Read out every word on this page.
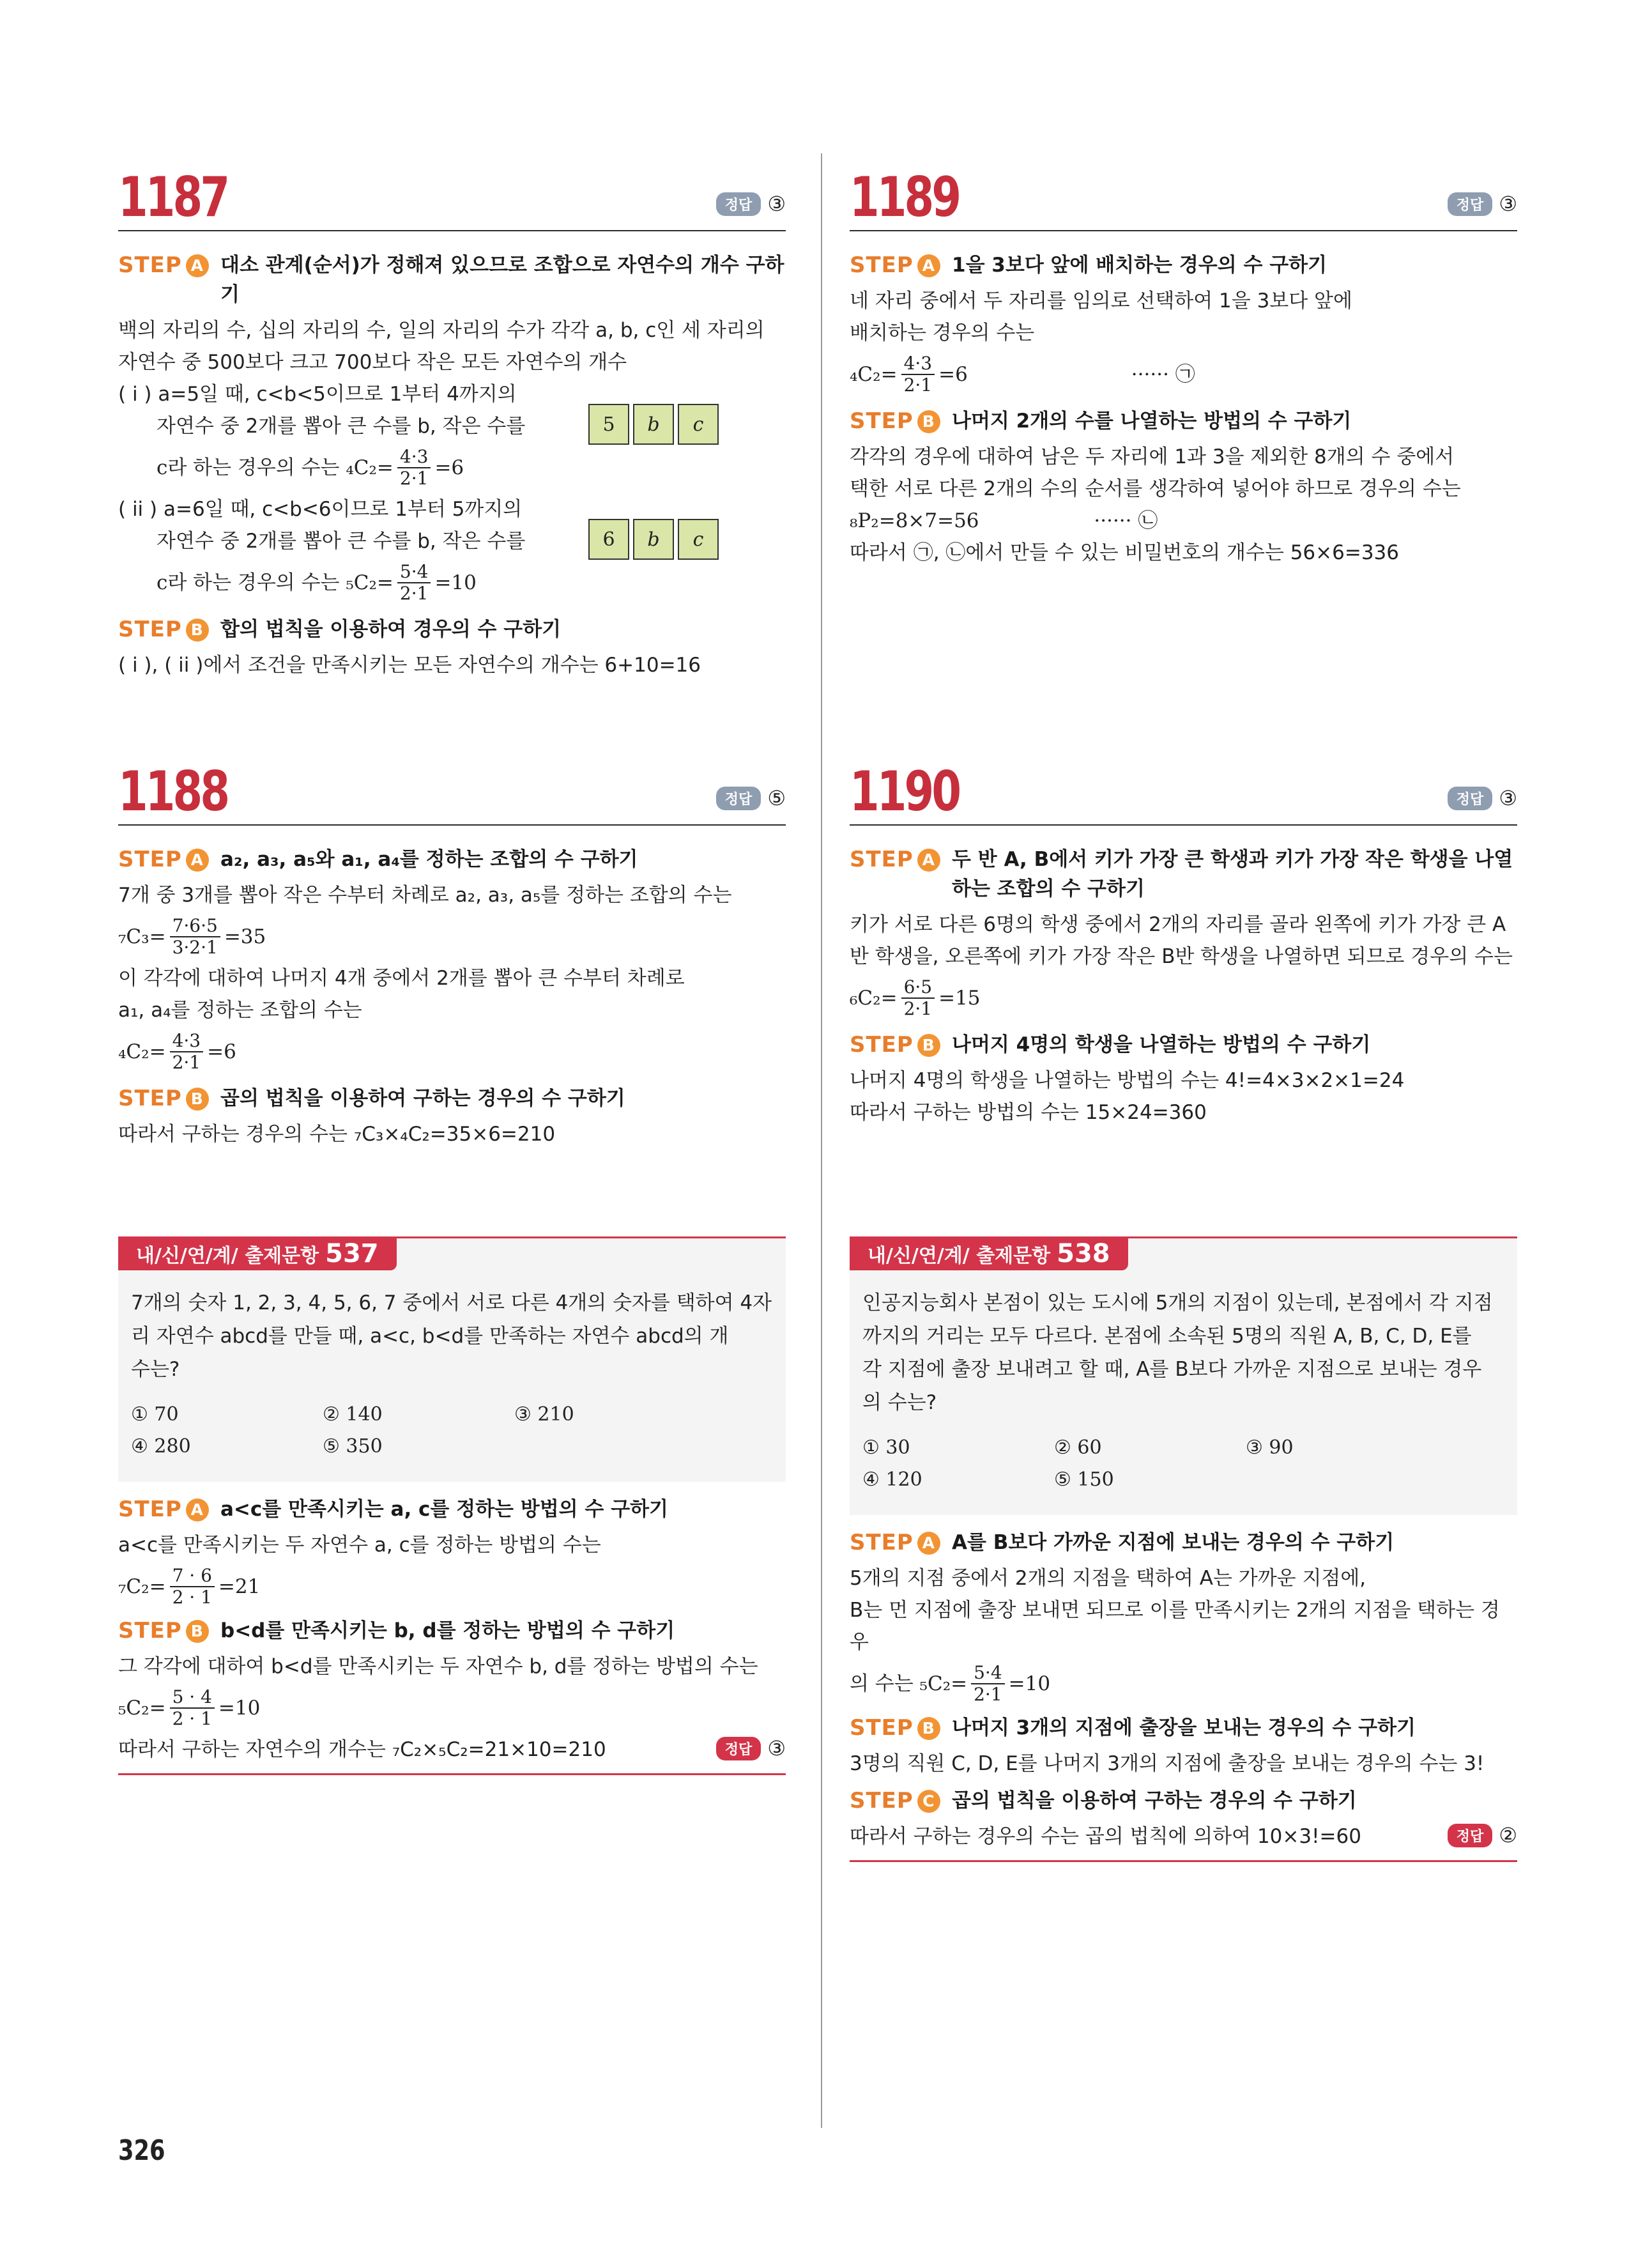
1187	정답 ③
STEP A 대소 관계(순서)가 정해져 있으므로 조합으로 자연수의 개수 구하기
백의 자리의 수, 십의 자리의 수, 일의 자리의 수가 각각 a, b, c인 세 자리의
자연수 중 500보다 크고 700보다 작은 모든 자연수의 개수
( i ) a=5일 때, c<b<5이므로 1부터 4까지의
자연수 중 2개를 뽑아 큰 수를 b, 작은 수를	5	b	c
c라 하는 경우의 수는 $_4C_2= \frac{4\cdot 3}{2\cdot 1} =6$
( ii ) a=6일 때, c<b<6이므로 1부터 5까지의
자연수 중 2개를 뽑아 큰 수를 b, 작은 수를	6	b	c
c라 하는 경우의 수는 $_5C_2= \frac{5\cdot 4}{2\cdot 1} =10$
STEP B 합의 법칙을 이용하여 경우의 수 구하기
( i ), ( ii )에서 조건을 만족시키는 모든 자연수의 개수는 6+10=16
1188	정답 ⑤
STEP A a₂, a₃, a₅와 a₁, a₄를 정하는 조합의 수 구하기
7개 중 3개를 뽑아 작은 수부터 차례로 a₂, a₃, a₅를 정하는 조합의 수는
$_7C_3= \frac{7\cdot 6\cdot 5}{3\cdot 2\cdot 1} =35$
이 각각에 대하여 나머지 4개 중에서 2개를 뽑아 큰 수부터 차례로
a₁, a₄를 정하는 조합의 수는
$_4C_2= \frac{4\cdot 3}{2\cdot 1} =6$
STEP B 곱의 법칙을 이용하여 구하는 경우의 수 구하기
따라서 구하는 경우의 수는 ₇C₃×₄C₂=35×6=210
내/신/연/계/ 출제문항 537
7개의 숫자 1, 2, 3, 4, 5, 6, 7 중에서 서로 다른 4개의 숫자를 택하여 4자
리 자연수 abcd를 만들 때, a<c, b<d를 만족하는 자연수 abcd의 개
수는?
① 70	② 140	③ 210
④ 280	⑤ 350
STEP A a<c를 만족시키는 a, c를 정하는 방법의 수 구하기
a<c를 만족시키는 두 자연수 a, c를 정하는 방법의 수는
$_7C_2= \frac{7 \cdot 6}{2 \cdot 1} =21$
STEP B b<d를 만족시키는 b, d를 정하는 방법의 수 구하기
그 각각에 대하여 b<d를 만족시키는 두 자연수 b, d를 정하는 방법의 수는
$_5C_2= \frac{5 \cdot 4}{2 \cdot 1} =10$
따라서 구하는 자연수의 개수는 ₇C₂×₅C₂=21×10=210	정답 ③
1189	정답 ③
STEP A 1을 3보다 앞에 배치하는 경우의 수 구하기
네 자리 중에서 두 자리를 임의로 선택하여 1을 3보다 앞에
배치하는 경우의 수는
$_4C_2= \frac{4\cdot 3}{2\cdot 1} =6$	······ ㉠
STEP B 나머지 2개의 수를 나열하는 방법의 수 구하기
각각의 경우에 대하여 남은 두 자리에 1과 3을 제외한 8개의 수 중에서
택한 서로 다른 2개의 수의 순서를 생각하여 넣어야 하므로 경우의 수는
₈P₂=8×7=56	······ ㉡
따라서 ㉠, ㉡에서 만들 수 있는 비밀번호의 개수는 56×6=336
1190	정답 ③
STEP A 두 반 A, B에서 키가 가장 큰 학생과 키가 가장 작은 학생을 나열하는 조합의 수 구하기
키가 서로 다른 6명의 학생 중에서 2개의 자리를 골라 왼쪽에 키가 가장 큰 A
반 학생을, 오른쪽에 키가 가장 작은 B반 학생을 나열하면 되므로 경우의 수는
$_6C_2= \frac{6\cdot 5}{2\cdot 1} =15$
STEP B 나머지 4명의 학생을 나열하는 방법의 수 구하기
나머지 4명의 학생을 나열하는 방법의 수는 4!=4×3×2×1=24
따라서 구하는 방법의 수는 15×24=360
내/신/연/계/ 출제문항 538
인공지능회사 본점이 있는 도시에 5개의 지점이 있는데, 본점에서 각 지점
까지의 거리는 모두 다르다. 본점에 소속된 5명의 직원 A, B, C, D, E를
각 지점에 출장 보내려고 할 때, A를 B보다 가까운 지점으로 보내는 경우
의 수는?
① 30	② 60	③ 90
④ 120	⑤ 150
STEP A A를 B보다 가까운 지점에 보내는 경우의 수 구하기
5개의 지점 중에서 2개의 지점을 택하여 A는 가까운 지점에,
B는 먼 지점에 출장 보내면 되므로 이를 만족시키는 2개의 지점을 택하는 경우
의 수는 $_5C_2= \frac{5\cdot 4}{2\cdot 1} =10$
STEP B 나머지 3개의 지점에 출장을 보내는 경우의 수 구하기
3명의 직원 C, D, E를 나머지 3개의 지점에 출장을 보내는 경우의 수는 3!
STEP C 곱의 법칙을 이용하여 구하는 경우의 수 구하기
따라서 구하는 경우의 수는 곱의 법칙에 의하여 10×3!=60	정답 ②
326
